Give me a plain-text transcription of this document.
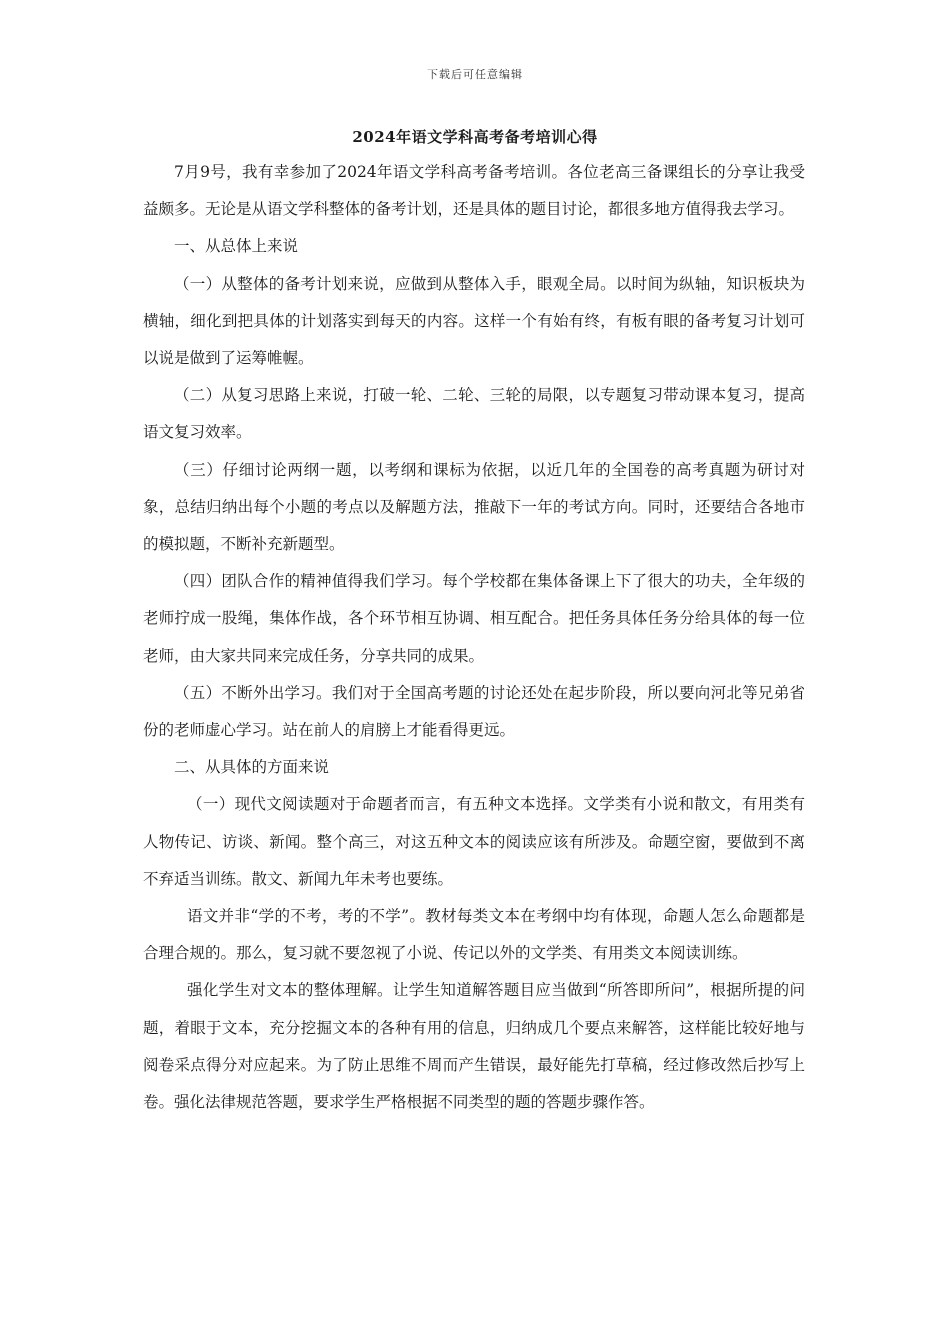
下载后可任意编辑
2024年语文学科高考备考培训心得

7月9号，我有幸参加了2024年语文学科高考备考培训。各位老高三备课组长的分享让我受益颇多。无论是从语文学科整体的备考计划，还是具体的题目讨论，都很多地方值得我去学习。

一、从总体上来说

（一）从整体的备考计划来说，应做到从整体入手，眼观全局。以时间为纵轴，知识板块为横轴，细化到把具体的计划落实到每天的内容。这样一个有始有终，有板有眼的备考复习计划可以说是做到了运筹帷幄。

（二）从复习思路上来说，打破一轮、二轮、三轮的局限，以专题复习带动课本复习，提高语文复习效率。

（三）仔细讨论两纲一题，以考纲和课标为依据，以近几年的全国卷的高考真题为研讨对象，总结归纳出每个小题的考点以及解题方法，推敲下一年的考试方向。同时，还要结合各地市的模拟题，不断补充新题型。

（四）团队合作的精神值得我们学习。每个学校都在集体备课上下了很大的功夫，全年级的老师拧成一股绳，集体作战，各个环节相互协调、相互配合。把任务具体任务分给具体的每一位老师，由大家共同来完成任务，分享共同的成果。

（五）不断外出学习。我们对于全国高考题的讨论还处在起步阶段，所以要向河北等兄弟省份的老师虚心学习。站在前人的肩膀上才能看得更远。

二、从具体的方面来说

（一）现代文阅读题对于命题者而言，有五种文本选择。文学类有小说和散文，有用类有人物传记、访谈、新闻。整个高三，对这五种文本的阅读应该有所涉及。命题空窗，要做到不离不弃适当训练。散文、新闻九年未考也要练。

语文并非“学的不考，考的不学”。教材每类文本在考纲中均有体现，命题人怎么命题都是合理合规的。那么，复习就不要忽视了小说、传记以外的文学类、有用类文本阅读训练。

强化学生对文本的整体理解。让学生知道解答题目应当做到“所答即所问”，根据所提的问题，着眼于文本，充分挖掘文本的各种有用的信息，归纳成几个要点来解答，这样能比较好地与阅卷采点得分对应起来。为了防止思维不周而产生错误，最好能先打草稿，经过修改然后抄写上卷。强化法律规范答题，要求学生严格根据不同类型的题的答题步骤作答。
